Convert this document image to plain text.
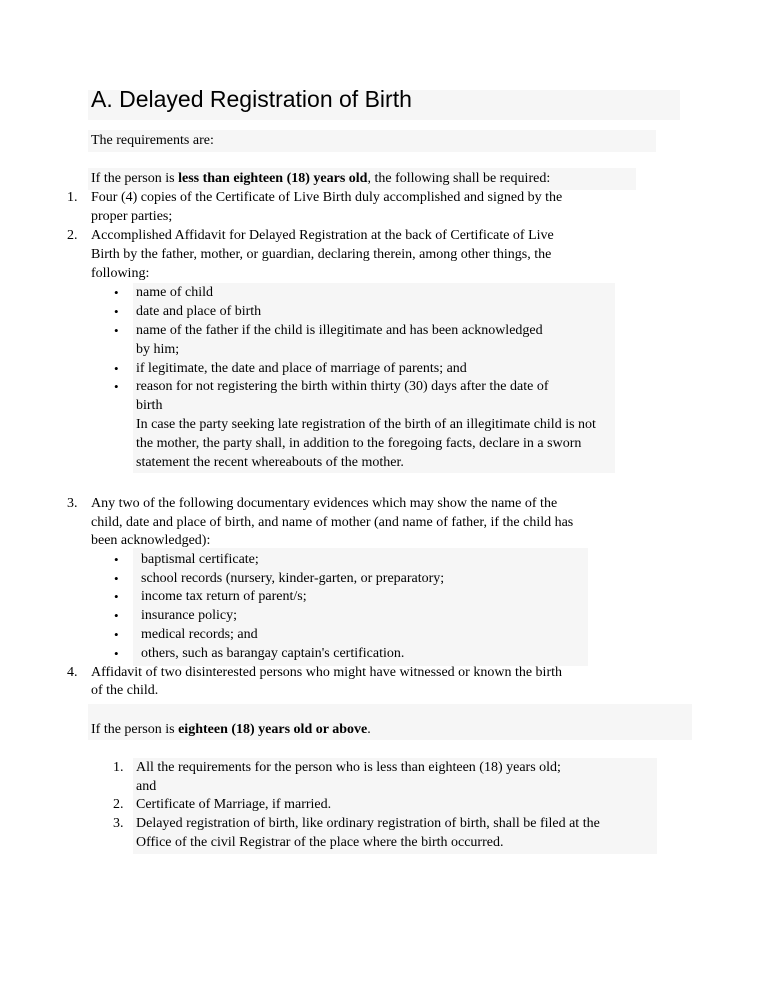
A. Delayed Registration of Birth

The requirements are:

If the person is less than eighteen (18) years old, the following shall be required:

1. Four (4) copies of the Certificate of Live Birth duly accomplished and signed by the

proper parties;

2. Accomplished Affidavit for Delayed Registration at the back of Certificate of Live

Birth by the father, mother, or guardian, declaring therein, among other things, the

following:

• name of child

• date and place of birth

• name of the father if the child is illegitimate and has been acknowledged

by him;

• if legitimate, the date and place of marriage of parents; and

• reason for not registering the birth within thirty (30) days after the date of

birth

In case the party seeking late registration of the birth of an illegitimate child is not

the mother, the party shall, in addition to the foregoing facts, declare in a sworn

statement the recent whereabouts of the mother.

3. Any two of the following documentary evidences which may show the name of the

child, date and place of birth, and name of mother (and name of father, if the child has

been acknowledged):

• baptismal certificate;

• school records (nursery, kinder-garten, or preparatory;

• income tax return of parent/s;

• insurance policy;

• medical records; and

• others, such as barangay captain's certification.

4. Affidavit of two disinterested persons who might have witnessed or known the birth

of the child.

If the person is eighteen (18) years old or above.

1. All the requirements for the person who is less than eighteen (18) years old;

and

2. Certificate of Marriage, if married.

3. Delayed registration of birth, like ordinary registration of birth, shall be filed at the

Office of the civil Registrar of the place where the birth occurred.
